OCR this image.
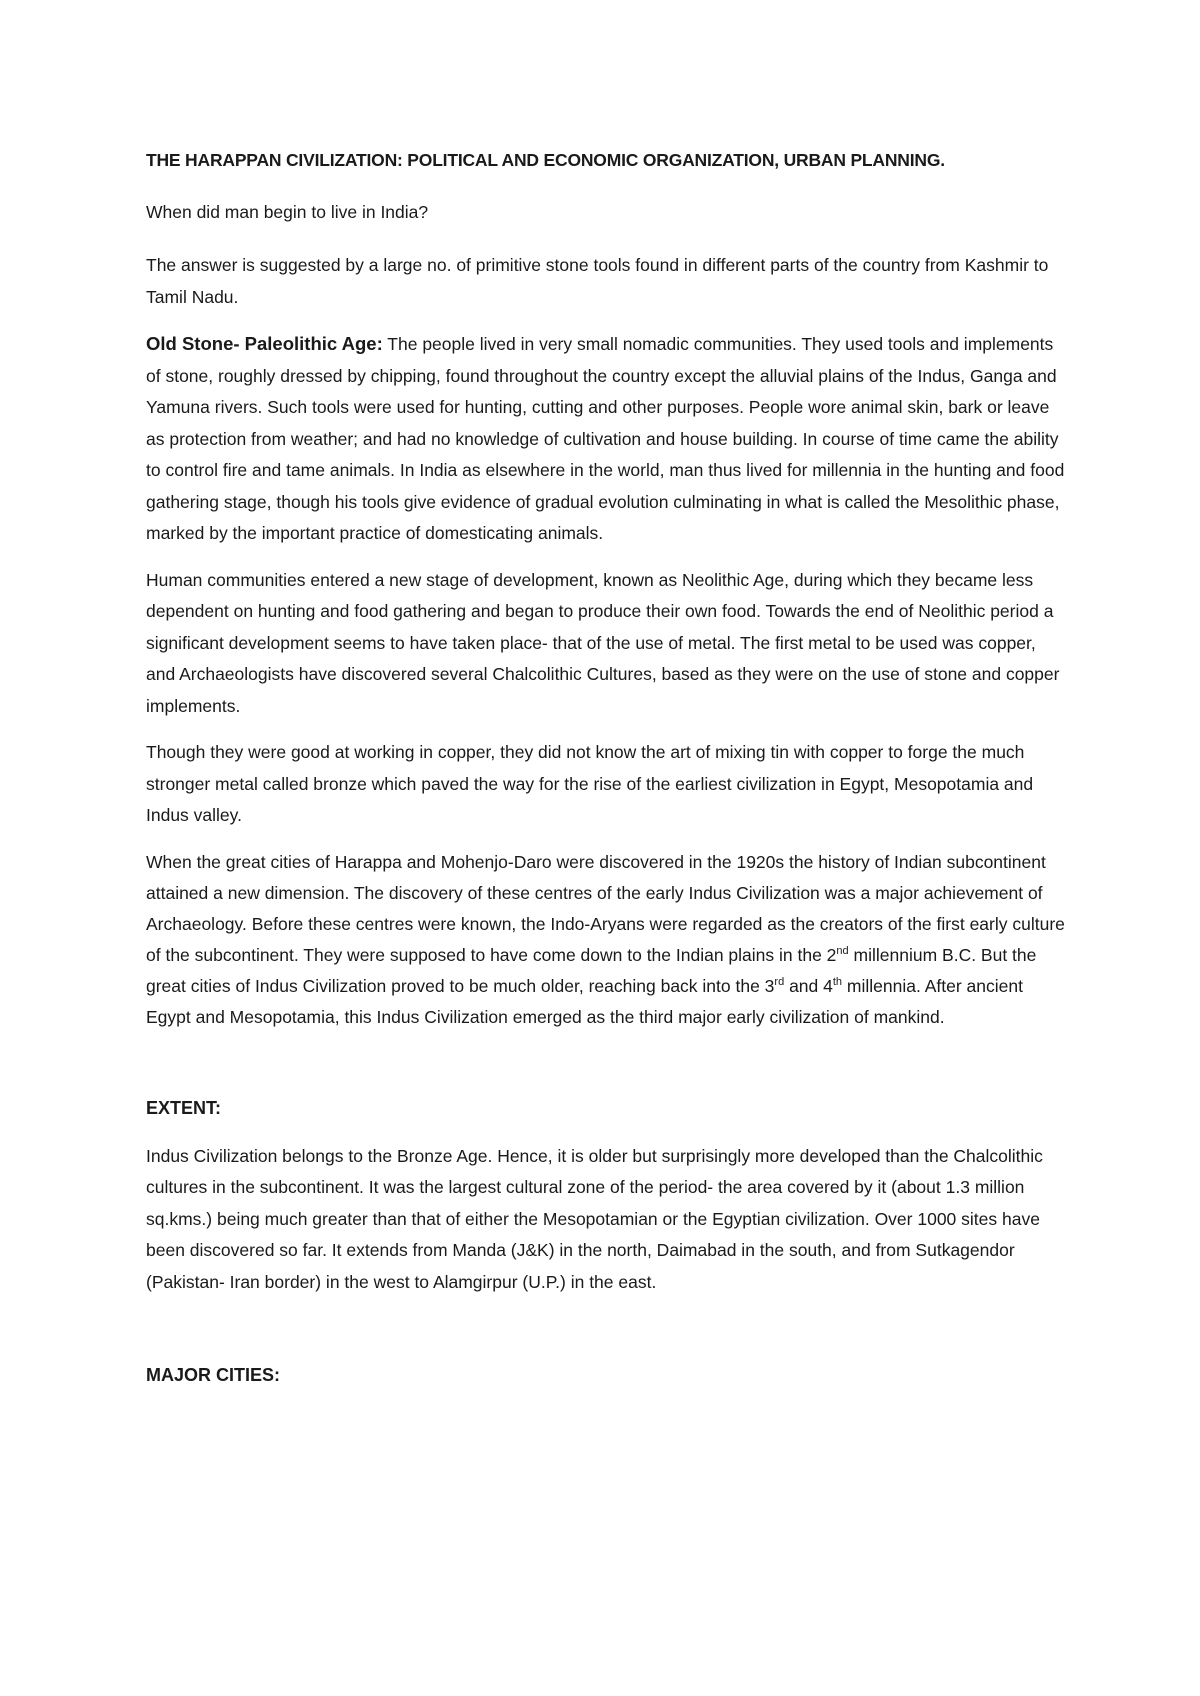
THE HARAPPAN CIVILIZATION: POLITICAL AND ECONOMIC ORGANIZATION, URBAN PLANNING.
When did man begin to live in India?

The answer is suggested by a large no. of primitive stone tools found in different parts of the country from Kashmir to Tamil Nadu.

Old Stone- Paleolithic Age: The people lived in very small nomadic communities. They used tools and implements of stone, roughly dressed by chipping, found throughout the country except the alluvial plains of the Indus, Ganga and Yamuna rivers. Such tools were used for hunting, cutting and other purposes. People wore animal skin, bark or leave as protection from weather; and had no knowledge of cultivation and house building. In course of time came the ability to control fire and tame animals. In India as elsewhere in the world, man thus lived for millennia in the hunting and food gathering stage, though his tools give evidence of gradual evolution culminating in what is called the Mesolithic phase, marked by the important practice of domesticating animals.

Human communities entered a new stage of development, known as Neolithic Age, during which they became less dependent on hunting and food gathering and began to produce their own food. Towards the end of Neolithic period a significant development seems to have taken place- that of the use of metal. The first metal to be used was copper, and Archaeologists have discovered several Chalcolithic Cultures, based as they were on the use of stone and copper implements.

Though they were good at working in copper, they did not know the art of mixing tin with copper to forge the much stronger metal called bronze which paved the way for the rise of the earliest civilization in Egypt, Mesopotamia and Indus valley.

When the great cities of Harappa and Mohenjo-Daro were discovered in the 1920s the history of Indian subcontinent attained a new dimension. The discovery of these centres of the early Indus Civilization was a major achievement of Archaeology. Before these centres were known, the Indo-Aryans were regarded as the creators of the first early culture of the subcontinent. They were supposed to have come down to the Indian plains in the 2nd millennium B.C. But the great cities of Indus Civilization proved to be much older, reaching back into the 3rd and 4th millennia. After ancient Egypt and Mesopotamia, this Indus Civilization emerged as the third major early civilization of mankind.

EXTENT:

Indus Civilization belongs to the Bronze Age. Hence, it is older but surprisingly more developed than the Chalcolithic cultures in the subcontinent. It was the largest cultural zone of the period- the area covered by it (about 1.3 million sq.kms.) being much greater than that of either the Mesopotamian or the Egyptian civilization. Over 1000 sites have been discovered so far. It extends from Manda (J&K) in the north, Daimabad in the south, and from Sutkagendor (Pakistan- Iran border) in the west to Alamgirpur (U.P.) in the east.

MAJOR CITIES:
